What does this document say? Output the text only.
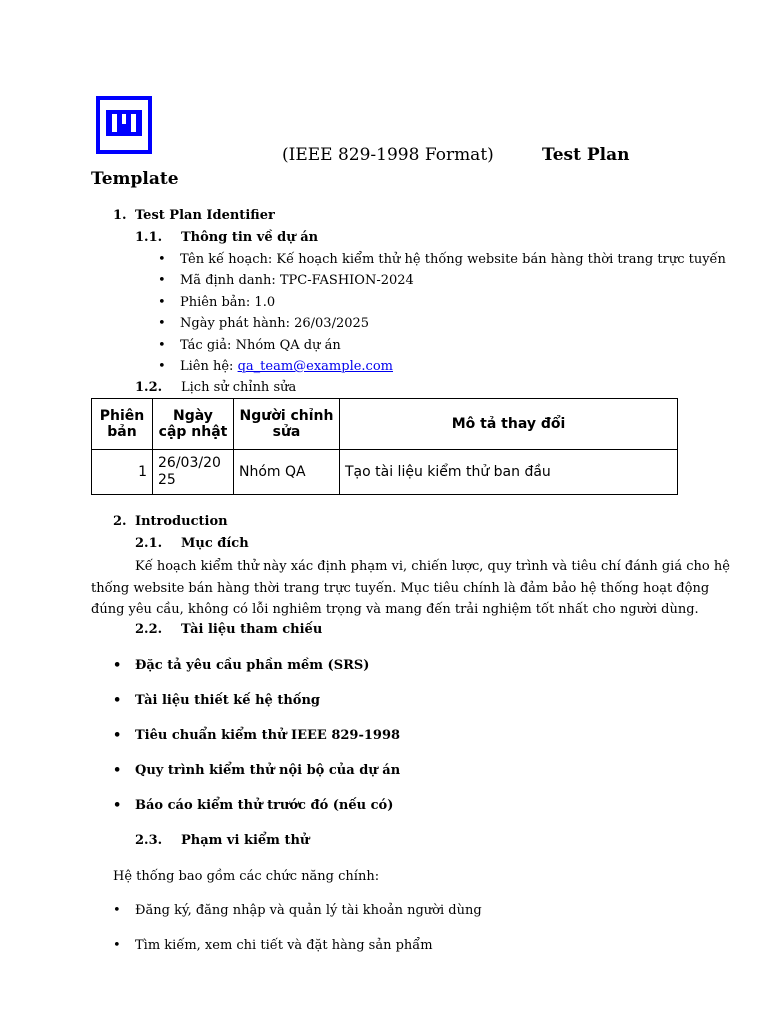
(IEEE 829-1998 Format)	Test Plan
Template
1. Test Plan Identifier
1.1. Thông tin về dự án
• Tên kế hoạch: Kế hoạch kiểm thử hệ thống website bán hàng thời trang trực tuyến
• Mã định danh: TPC-FASHION-2024
• Phiên bản: 1.0
• Ngày phát hành: 26/03/2025
• Tác giả: Nhóm QA dự án
• Liên hệ: qa_team@example.com
1.2. Lịch sử chỉnh sửa
Phiên bản	Ngày cập nhật	Người chỉnh sửa	Mô tả thay đổi
1	26/03/2025	Nhóm QA	Tạo tài liệu kiểm thử ban đầu
2. Introduction
2.1. Mục đích
Kế hoạch kiểm thử này xác định phạm vi, chiến lược, quy trình và tiêu chí đánh giá cho hệ
thống website bán hàng thời trang trực tuyến. Mục tiêu chính là đảm bảo hệ thống hoạt động
đúng yêu cầu, không có lỗi nghiêm trọng và mang đến trải nghiệm tốt nhất cho người dùng.
2.2. Tài liệu tham chiếu
• Đặc tả yêu cầu phần mềm (SRS)
• Tài liệu thiết kế hệ thống
• Tiêu chuẩn kiểm thử IEEE 829-1998
• Quy trình kiểm thử nội bộ của dự án
• Báo cáo kiểm thử trước đó (nếu có)
2.3. Phạm vi kiểm thử
Hệ thống bao gồm các chức năng chính:
• Đăng ký, đăng nhập và quản lý tài khoản người dùng
• Tìm kiếm, xem chi tiết và đặt hàng sản phẩm
